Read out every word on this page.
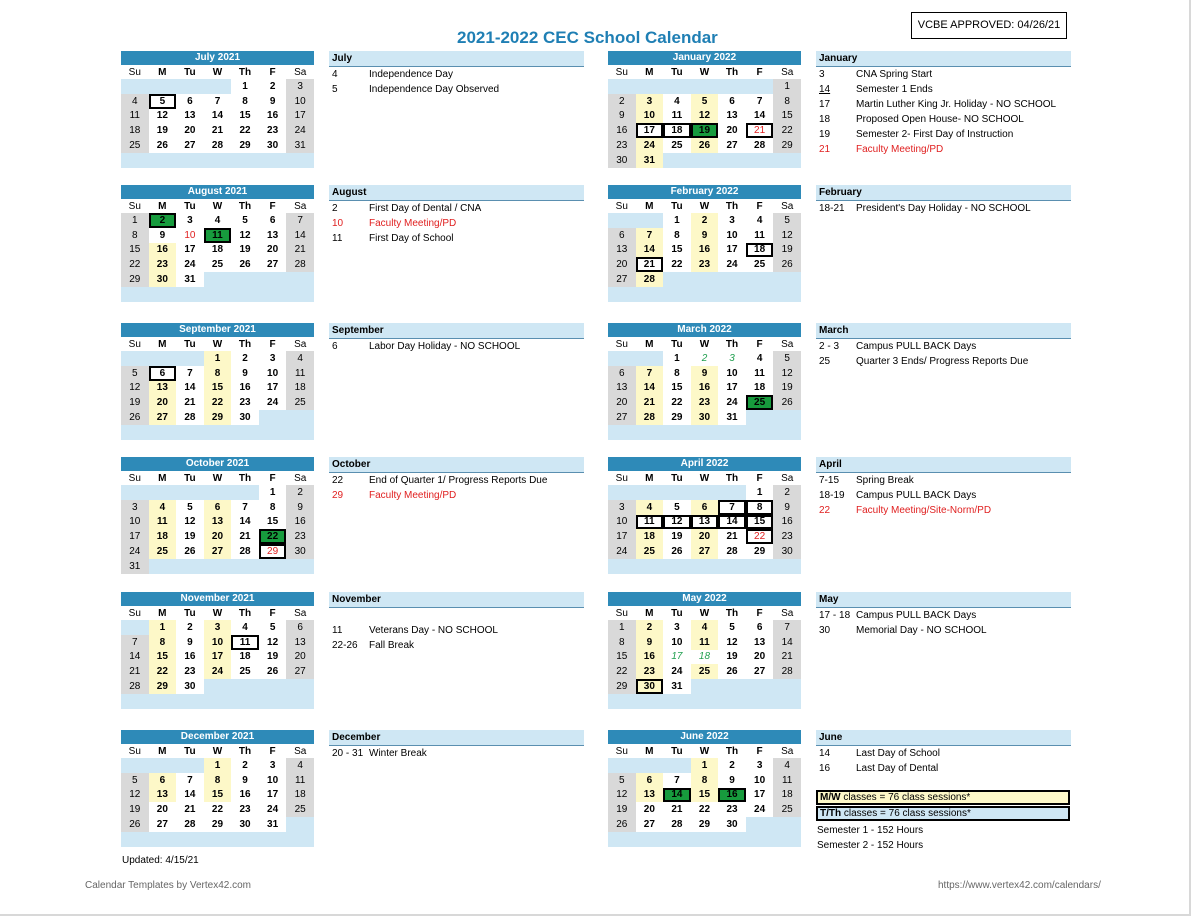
2021-2022 CEC School Calendar
VCBE APPROVED: 04/26/21
July 2021
Su	M	Tu	W	Th	F	Sa
				1	2	3
4	5	6	7	8	9	10
11	12	13	14	15	16	17
18	19	20	21	22	23	24
25	26	27	28	29	30	31

July
4	Independence Day
5	Independence Day Observed
August 2021
Su	M	Tu	W	Th	F	Sa
1	2	3	4	5	6	7
8	9	10	11	12	13	14
15	16	17	18	19	20	21
22	23	24	25	26	27	28
29	30	31				

August
2	First Day of Dental / CNA
10	Faculty Meeting/PD
11	First Day of School
September 2021
Su	M	Tu	W	Th	F	Sa
			1	2	3	4
5	6	7	8	9	10	11
12	13	14	15	16	17	18
19	20	21	22	23	24	25
26	27	28	29	30		

September
6	Labor Day Holiday - NO SCHOOL
October 2021
Su	M	Tu	W	Th	F	Sa
					1	2
3	4	5	6	7	8	9
10	11	12	13	14	15	16
17	18	19	20	21	22	23
24	25	26	27	28	29	30
31						
October
22	End of Quarter 1/ Progress Reports Due
29	Faculty Meeting/PD
November 2021
Su	M	Tu	W	Th	F	Sa
	1	2	3	4	5	6
7	8	9	10	11	12	13
14	15	16	17	18	19	20
21	22	23	24	25	26	27
28	29	30				

November
11	Veterans Day - NO SCHOOL
22-26 Fall Break
December 2021
Su	M	Tu	W	Th	F	Sa
			1	2	3	4
5	6	7	8	9	10	11
12	13	14	15	16	17	18
19	20	21	22	23	24	25
26	27	28	29	30	31	

December
20 - 31 Winter Break
January 2022
Su	M	Tu	W	Th	F	Sa
						1
2	3	4	5	6	7	8
9	10	11	12	13	14	15
16	17	18	19	20	21	22
23	24	25	26	27	28	29
30	31					
January
3	CNA Spring Start
14	Semester 1 Ends
17	Martin Luther King Jr. Holiday - NO SCHOOL
18	Proposed Open House- NO SCHOOL
19	Semester 2- First Day of Instruction
21	Faculty Meeting/PD
February 2022
Su	M	Tu	W	Th	F	Sa
		1	2	3	4	5
6	7	8	9	10	11	12
13	14	15	16	17	18	19
20	21	22	23	24	25	26
27	28					

February
18-21 President's Day Holiday - NO SCHOOL
March 2022
Su	M	Tu	W	Th	F	Sa
		1	2	3	4	5
6	7	8	9	10	11	12
13	14	15	16	17	18	19
20	21	22	23	24	25	26
27	28	29	30	31		

March
2 - 3 Campus PULL BACK Days
25	Quarter 3 Ends/ Progress Reports Due
April 2022
Su	M	Tu	W	Th	F	Sa
					1	2
3	4	5	6	7	8	9
10	11	12	13	14	15	16
17	18	19	20	21	22	23
24	25	26	27	28	29	30

April
7-15 Spring Break
18-19 Campus PULL BACK Days
22	Faculty Meeting/Site-Norm/PD
May 2022
Su	M	Tu	W	Th	F	Sa
1	2	3	4	5	6	7
8	9	10	11	12	13	14
15	16	17	18	19	20	21
22	23	24	25	26	27	28
29	30	31				

May
17 - 18 Campus PULL BACK Days
30	Memorial Day - NO SCHOOL
June 2022
Su	M	Tu	W	Th	F	Sa
			1	2	3	4
5	6	7	8	9	10	11
12	13	14	15	16	17	18
19	20	21	22	23	24	25
26	27	28	29	30		

June
14	Last Day of School
16	Last Day of Dental
M/W classes = 76 class sessions*
T/Th classes = 76 class sessions*
Semester 1 - 152 Hours
Semester 2 - 152 Hours
Updated: 4/15/21
Calendar Templates by Vertex42.com	https://www.vertex42.com/calendars/
